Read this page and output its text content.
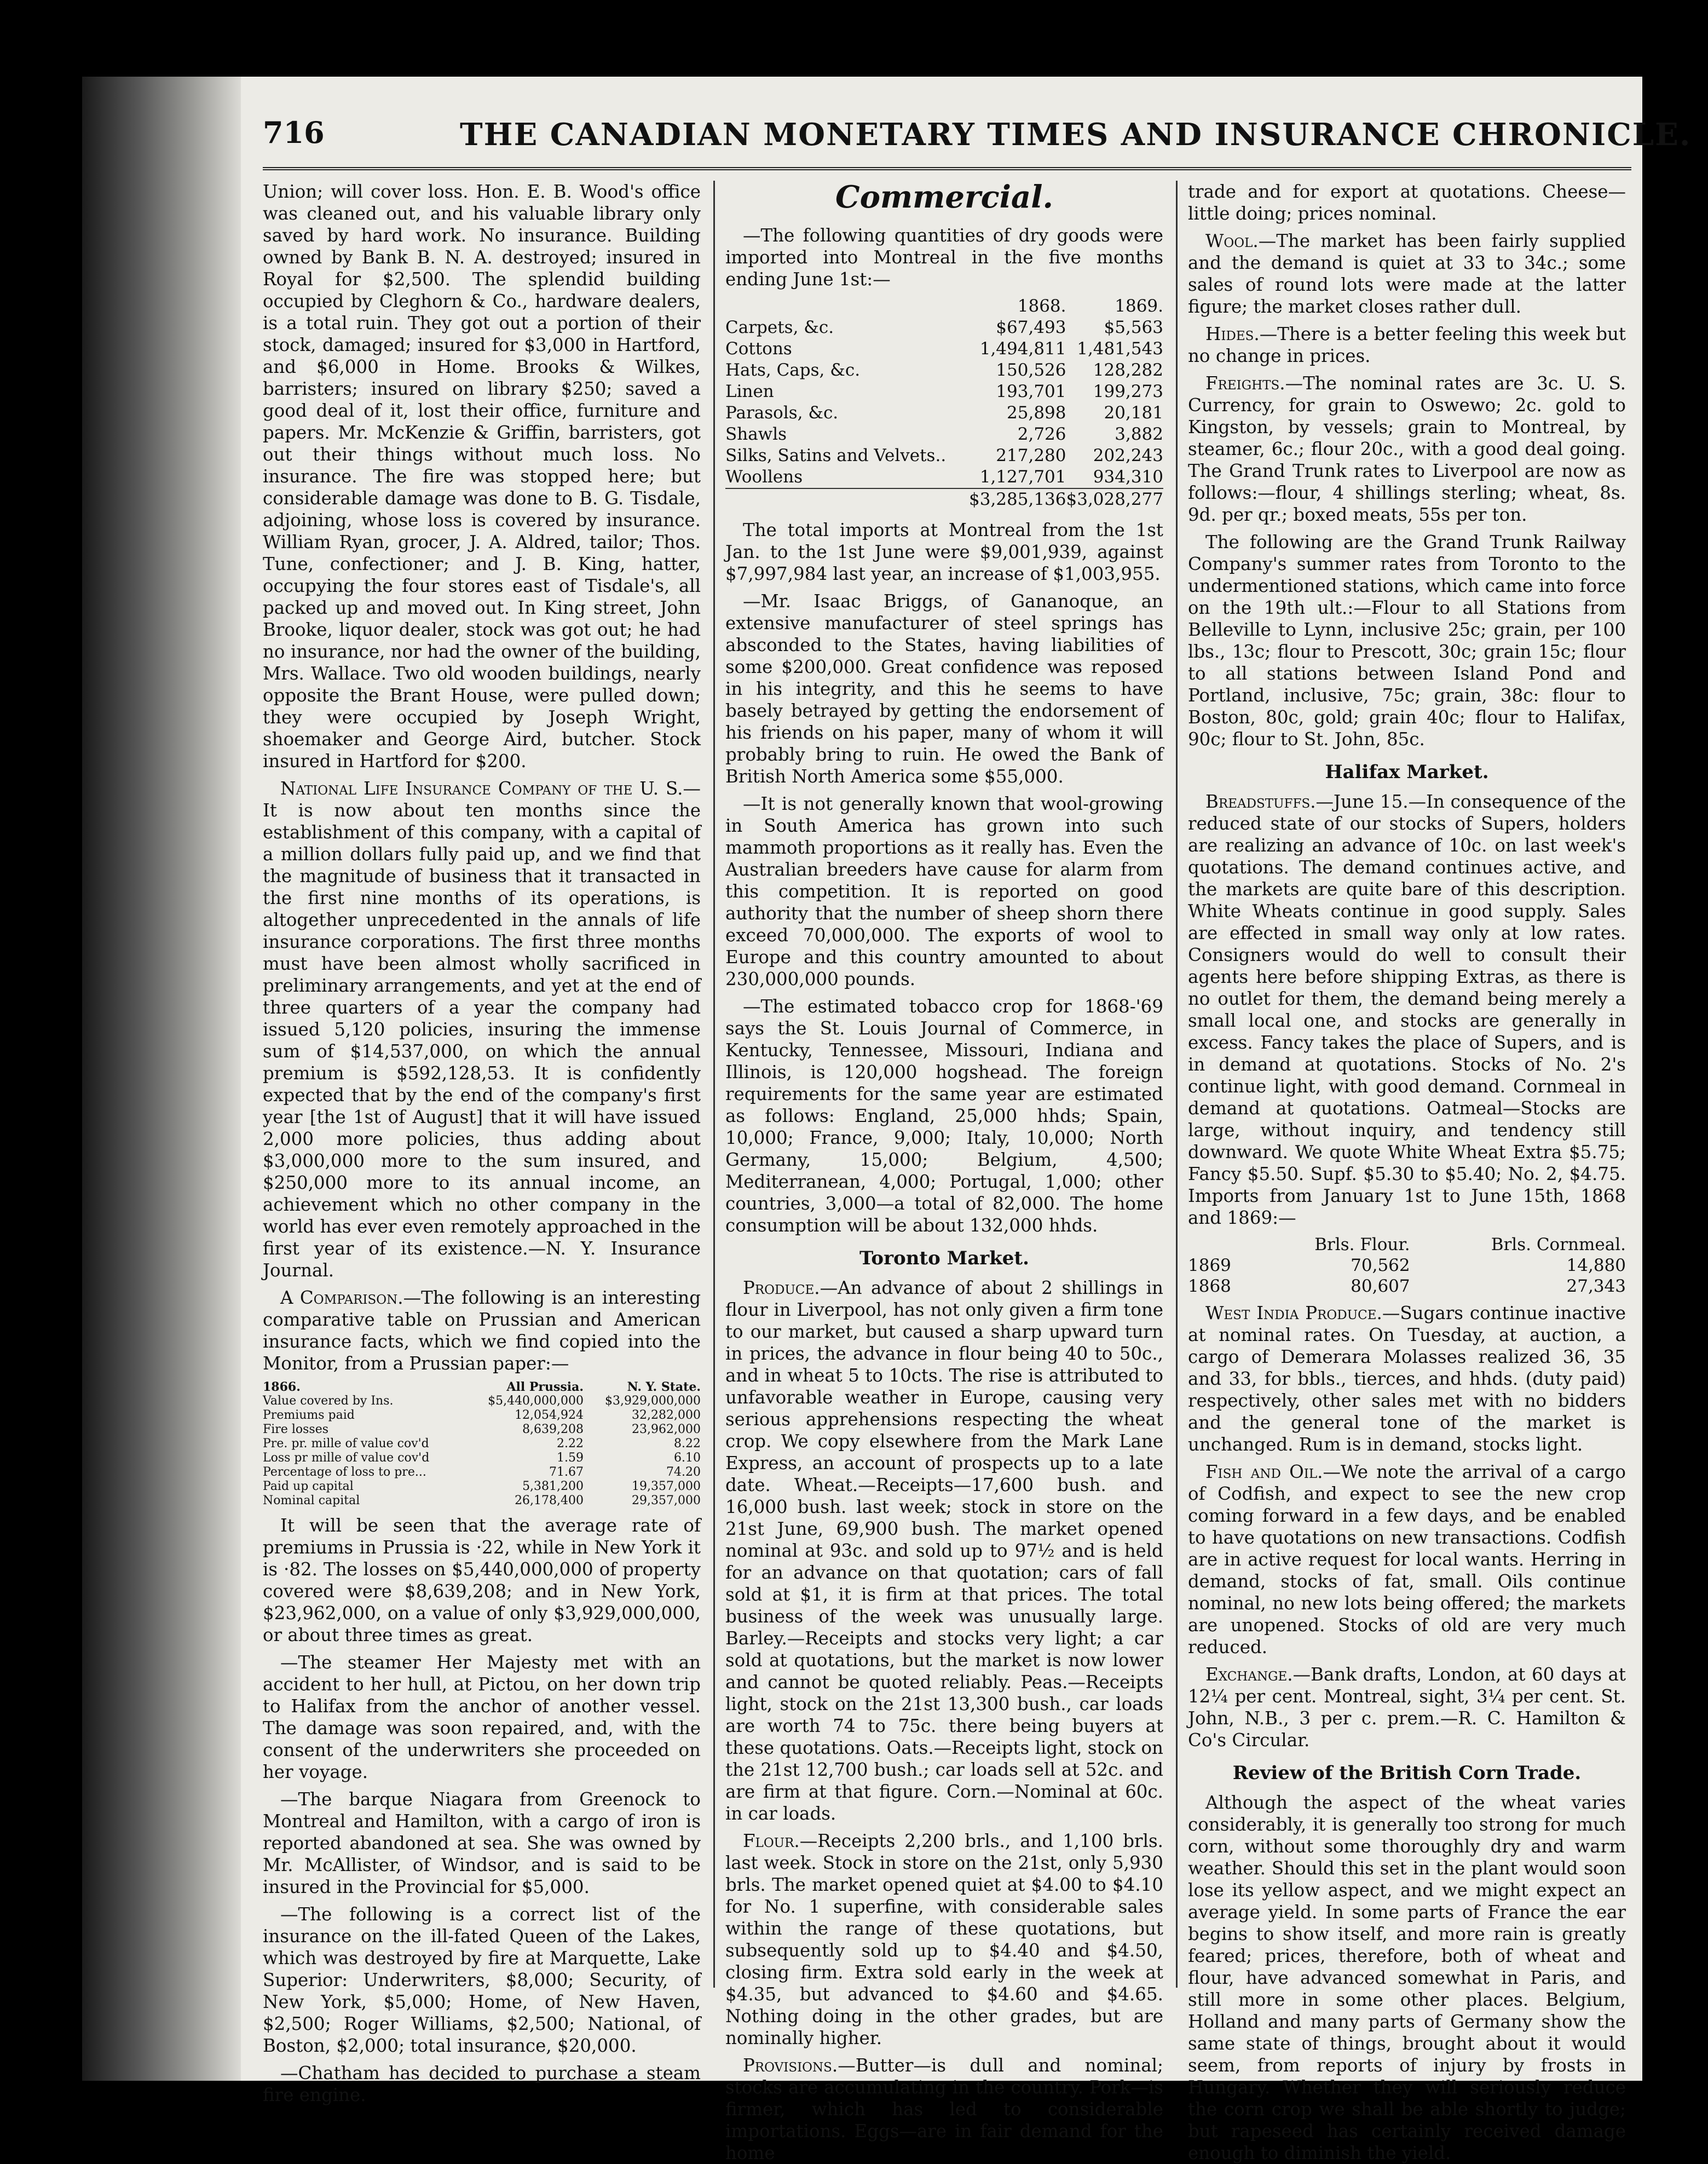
716	THE CANADIAN MONETARY TIMES AND INSURANCE CHRONICLE.

Union; will cover loss. Hon. E. B. Wood's office was cleaned out, and his valuable library only saved by hard work. No insurance. Building owned by Bank B. N. A. destroyed; insured in Royal for $2,500. The splendid building occupied by Cleghorn & Co., hardware dealers, is a total ruin. They got out a portion of their stock, damaged; insured for $3,000 in Hartford, and $6,000 in Home. Brooks & Wilkes, barristers; insured on library $250; saved a good deal of it, lost their office, furniture and papers. Mr. McKenzie & Griffin, barristers, got out their things without much loss. No insurance. The fire was stopped here; but considerable damage was done to B. G. Tisdale, adjoining, whose loss is covered by insurance. William Ryan, grocer, J. A. Aldred, tailor; Thos. Tune, confectioner; and J. B. King, hatter, occupying the four stores east of Tisdale's, all packed up and moved out. In King street, John Brooke, liquor dealer, stock was got out; he had no insurance, nor had the owner of the building, Mrs. Wallace. Two old wooden buildings, nearly opposite the Brant House, were pulled down; they were occupied by Joseph Wright, shoemaker and George Aird, butcher. Stock insured in Hartford for $200.

National Life Insurance Company of the U. S.—It is now about ten months since the establishment of this company, with a capital of a million dollars fully paid up, and we find that the magnitude of business that it transacted in the first nine months of its operations, is altogether unprecedented in the annals of life insurance corporations. The first three months must have been almost wholly sacrificed in preliminary arrangements, and yet at the end of three quarters of a year the company had issued 5,120 policies, insuring the immense sum of $14,537,000, on which the annual premium is $592,128,53. It is confidently expected that by the end of the company's first year [the 1st of August] that it will have issued 2,000 more policies, thus adding about $3,000,000 more to the sum insured, and $250,000 more to its annual income, an achievement which no other company in the world has ever even remotely approached in the first year of its existence.—N. Y. Insurance Journal.

A Comparison.—The following is an interesting comparative table on Prussian and American insurance facts, which we find copied into the Monitor, from a Prussian paper:—

1866.	All Prussia.	N. Y. State.
Value covered by Ins.	$5,440,000,000	$3,929,000,000
Premiums paid	12,054,924	32,282,000
Fire losses	8,639,208	23,962,000
Pre. pr. mille of value cov'd	2.22	8.22
Loss pr mille of value cov'd	1.59	6.10
Percentage of loss to pre...	71.67	74.20
Paid up capital	5,381,200	19,357,000
Nominal capital	26,178,400	29,357,000

It will be seen that the average rate of premiums in Prussia is ·22, while in New York it is ·82. The losses on $5,440,000,000 of property covered were $8,639,208; and in New York, $23,962,000, on a value of only $3,929,000,000, or about three times as great.

—The steamer Her Majesty met with an accident to her hull, at Pictou, on her down trip to Halifax from the anchor of another vessel. The damage was soon repaired, and, with the consent of the underwriters she proceeded on her voyage.

—The barque Niagara from Greenock to Montreal and Hamilton, with a cargo of iron is reported abandoned at sea. She was owned by Mr. McAllister, of Windsor, and is said to be insured in the Provincial for $5,000.

—The following is a correct list of the insurance on the ill-fated Queen of the Lakes, which was destroyed by fire at Marquette, Lake Superior: Underwriters, $8,000; Security, of New York, $5,000; Home, of New Haven, $2,500; Roger Williams, $2,500; National, of Boston, $2,000; total insurance, $20,000.

—Chatham has decided to purchase a steam fire engine.

Commercial.

—The following quantities of dry goods were imported into Montreal in the five months ending June 1st:—

	1868.	1869.
Carpets, &c.	$67,493	$5,563
Cottons	1,494,811	1,481,543
Hats, Caps, &c.	150,526	128,282
Linen	193,701	199,273
Parasols, &c.	25,898	20,181
Shawls	2,726	3,882
Silks, Satins and Velvets..	217,280	202,243
Woollens	1,127,701	934,310
	$3,285,136	$3,028,277

The total imports at Montreal from the 1st Jan. to the 1st June were $9,001,939, against $7,997,984 last year, an increase of $1,003,955.

—Mr. Isaac Briggs, of Gananoque, an extensive manufacturer of steel springs has absconded to the States, having liabilities of some $200,000. Great confidence was reposed in his integrity, and this he seems to have basely betrayed by getting the endorsement of his friends on his paper, many of whom it will probably bring to ruin. He owed the Bank of British North America some $55,000.

—It is not generally known that wool-growing in South America has grown into such mammoth proportions as it really has. Even the Australian breeders have cause for alarm from this competition. It is reported on good authority that the number of sheep shorn there exceed 70,000,000. The exports of wool to Europe and this country amounted to about 230,000,000 pounds.

—The estimated tobacco crop for 1868-'69 says the St. Louis Journal of Commerce, in Kentucky, Tennessee, Missouri, Indiana and Illinois, is 120,000 hogshead. The foreign requirements for the same year are estimated as follows: England, 25,000 hhds; Spain, 10,000; France, 9,000; Italy, 10,000; North Germany, 15,000; Belgium, 4,500; Mediterranean, 4,000; Portugal, 1,000; other countries, 3,000—a total of 82,000. The home consumption will be about 132,000 hhds.

Toronto Market.

Produce.—An advance of about 2 shillings in flour in Liverpool, has not only given a firm tone to our market, but caused a sharp upward turn in prices, the advance in flour being 40 to 50c., and in wheat 5 to 10cts. The rise is attributed to unfavorable weather in Europe, causing very serious apprehensions respecting the wheat crop. We copy elsewhere from the Mark Lane Express, an account of prospects up to a late date. Wheat.—Receipts—17,600 bush. and 16,000 bush. last week; stock in store on the 21st June, 69,900 bush. The market opened nominal at 93c. and sold up to 97½ and is held for an advance on that quotation; cars of fall sold at $1, it is firm at that prices. The total business of the week was unusually large. Barley.—Receipts and stocks very light; a car sold at quotations, but the market is now lower and cannot be quoted reliably. Peas.—Receipts light, stock on the 21st 13,300 bush., car loads are worth 74 to 75c. there being buyers at these quotations. Oats.—Receipts light, stock on the 21st 12,700 bush.; car loads sell at 52c. and are firm at that figure. Corn.—Nominal at 60c. in car loads.

Flour.—Receipts 2,200 brls., and 1,100 brls. last week. Stock in store on the 21st, only 5,930 brls. The market opened quiet at $4.00 to $4.10 for No. 1 superfine, with considerable sales within the range of these quotations, but subsequently sold up to $4.40 and $4.50, closing firm. Extra sold early in the week at $4.35, but advanced to $4.60 and $4.65. Nothing doing in the other grades, but are nominally higher.

Provisions.—Butter—is dull and nominal; stocks are accumulating in the country. Pork—is firmer, which has led to considerable importations. Eggs—are in fair demand for the home

trade and for export at quotations. Cheese—little doing; prices nominal.

Wool.—The market has been fairly supplied and the demand is quiet at 33 to 34c.; some sales of round lots were made at the latter figure; the market closes rather dull.

Hides.—There is a better feeling this week but no change in prices.

Freights.—The nominal rates are 3c. U. S. Currency, for grain to Oswewo; 2c. gold to Kingston, by vessels; grain to Montreal, by steamer, 6c.; flour 20c., with a good deal going. The Grand Trunk rates to Liverpool are now as follows:—flour, 4 shillings sterling; wheat, 8s. 9d. per qr.; boxed meats, 55s per ton.

The following are the Grand Trunk Railway Company's summer rates from Toronto to the undermentioned stations, which came into force on the 19th ult.:—Flour to all Stations from Belleville to Lynn, inclusive 25c; grain, per 100 lbs., 13c; flour to Prescott, 30c; grain 15c; flour to all stations between Island Pond and Portland, inclusive, 75c; grain, 38c: flour to Boston, 80c, gold; grain 40c; flour to Halifax, 90c; flour to St. John, 85c.

Halifax Market.

Breadstuffs.—June 15.—In consequence of the reduced state of our stocks of Supers, holders are realizing an advance of 10c. on last week's quotations. The demand continues active, and the markets are quite bare of this description. White Wheats continue in good supply. Sales are effected in small way only at low rates. Consigners would do well to consult their agents here before shipping Extras, as there is no outlet for them, the demand being merely a small local one, and stocks are generally in excess. Fancy takes the place of Supers, and is in demand at quotations. Stocks of No. 2's continue light, with good demand. Cornmeal in demand at quotations. Oatmeal—Stocks are large, without inquiry, and tendency still downward. We quote White Wheat Extra $5.75; Fancy $5.50. Supf. $5.30 to $5.40; No. 2, $4.75. Imports from January 1st to June 15th, 1868 and 1869:—

	Brls. Flour.	Brls. Cornmeal.
1869	70,562	14,880
1868	80,607	27,343

West India Produce.—Sugars continue inactive at nominal rates. On Tuesday, at auction, a cargo of Demerara Molasses realized 36, 35 and 33, for bbls., tierces, and hhds. (duty paid) respectively, other sales met with no bidders and the general tone of the market is unchanged. Rum is in demand, stocks light.

Fish and Oil.—We note the arrival of a cargo of Codfish, and expect to see the new crop coming forward in a few days, and be enabled to have quotations on new transactions. Codfish are in active request for local wants. Herring in demand, stocks of fat, small. Oils continue nominal, no new lots being offered; the markets are unopened. Stocks of old are very much reduced.

Exchange.—Bank drafts, London, at 60 days at 12¼ per cent. Montreal, sight, 3¼ per cent. St. John, N.B., 3 per c. prem.—R. C. Hamilton & Co's Circular.

Review of the British Corn Trade.

Although the aspect of the wheat varies considerably, it is generally too strong for much corn, without some thoroughly dry and warm weather. Should this set in the plant would soon lose its yellow aspect, and we might expect an average yield. In some parts of France the ear begins to show itself, and more rain is greatly feared; prices, therefore, both of wheat and flour, have advanced somewhat in Paris, and still more in some other places. Belgium, Holland and many parts of Germany show the same state of things, brought about it would seem, from reports of injury by frosts in Hungary. Whether they will seriously reduce the corn crop we shall be able shortly to judge; but rapeseed has certainly received damage enough to diminish the yield.
